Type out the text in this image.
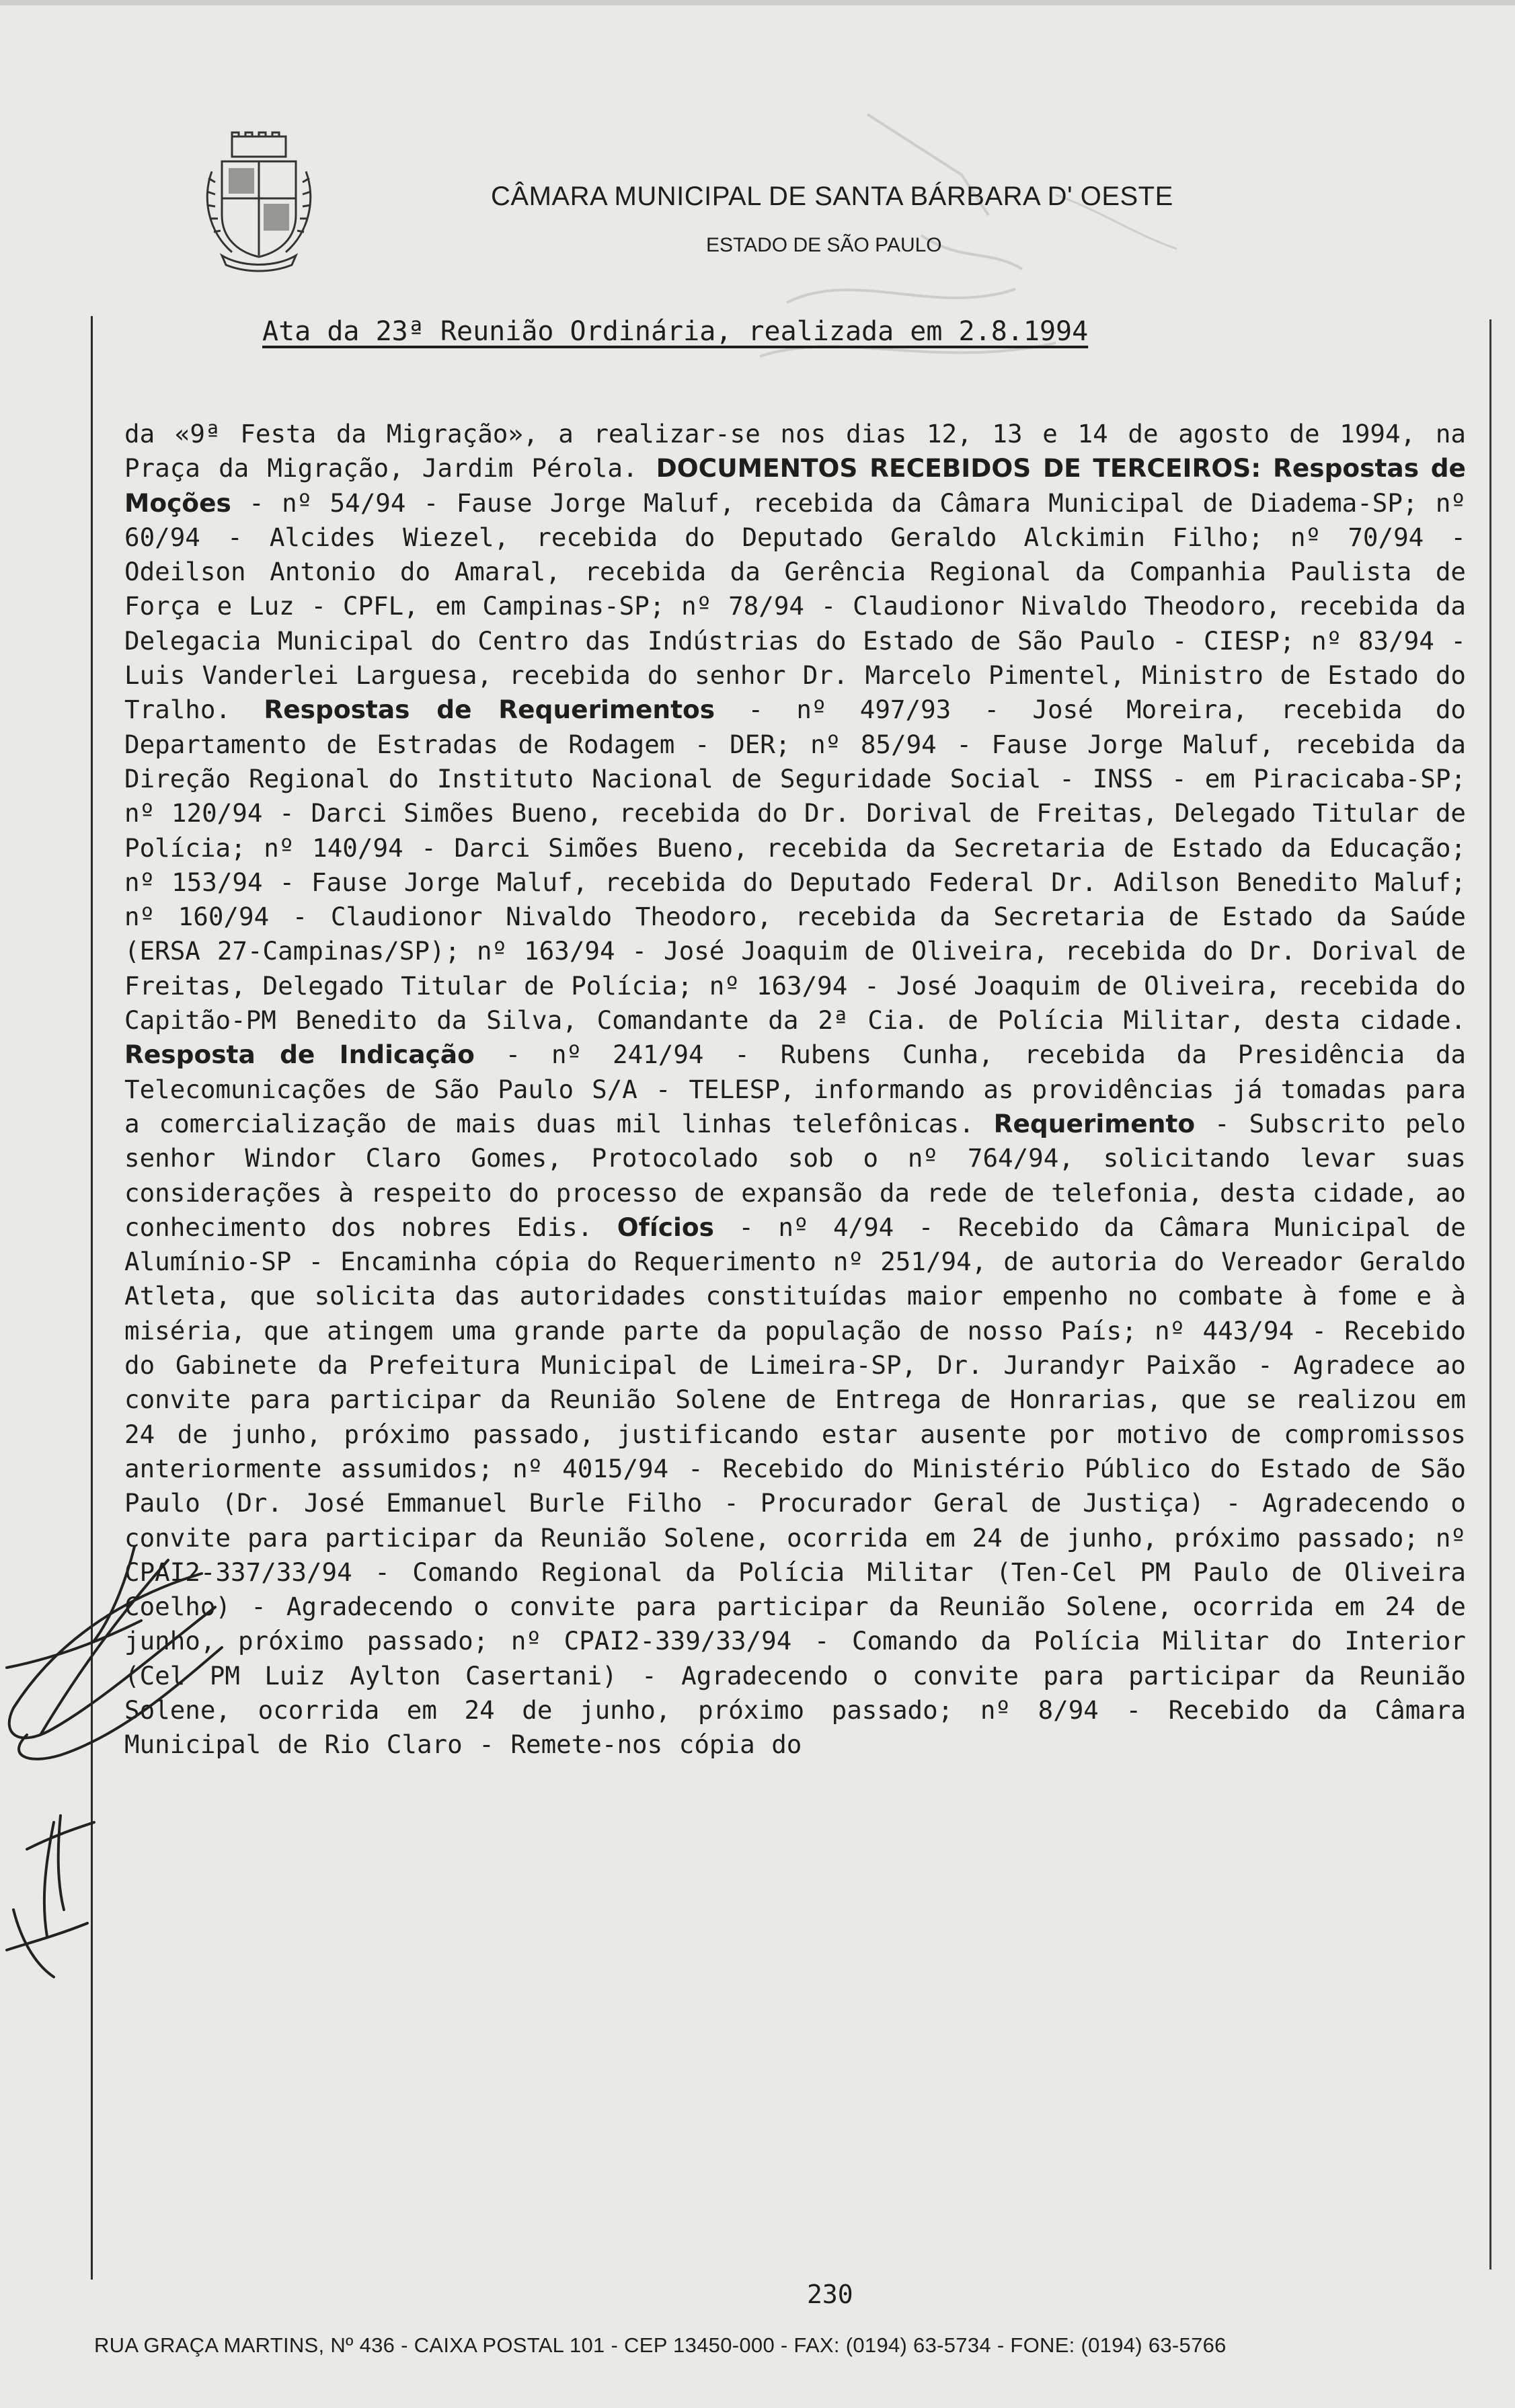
CÂMARA MUNICIPAL DE SANTA BÁRBARA D' OESTE
ESTADO DE SÃO PAULO
Ata da 23ª Reunião Ordinária, realizada em 2.8.1994
da «9ª Festa da Migração», a realizar-se nos dias 12, 13 e 14 de agosto de 1994, na Praça da Migração, Jardim Pérola. DOCUMENTOS RECEBIDOS DE TERCEIROS: Respostas de Moções - nº 54/94 - Fause Jorge Maluf, recebida da Câmara Municipal de Diadema-SP; nº 60/94 - Alcides Wiezel, recebida do Deputado Geraldo Alckimin Filho; nº 70/94 - Odeilson Antonio do Amaral, recebida da Gerência Regional da Companhia Paulista de Força e Luz - CPFL, em Campinas-SP; nº 78/94 - Claudionor Nivaldo Theodoro, recebida da Delegacia Municipal do Centro das Indústrias do Estado de São Paulo - CIESP; nº 83/94 - Luis Vanderlei Larguesa, recebida do senhor Dr. Marcelo Pimentel, Ministro de Estado do Tralho. Respostas de Requerimentos - nº 497/93 - José Moreira, recebida do Departamento de Estradas de Rodagem - DER; nº 85/94 - Fause Jorge Maluf, recebida da Direção Regional do Instituto Nacional de Seguridade Social - INSS - em Piracicaba-SP; nº 120/94 - Darci Simões Bueno, recebida do Dr. Dorival de Freitas, Delegado Titular de Polícia; nº 140/94 - Darci Simões Bueno, recebida da Secretaria de Estado da Educação; nº 153/94 - Fause Jorge Maluf, recebida do Deputado Federal Dr. Adilson Benedito Maluf; nº 160/94 - Claudionor Nivaldo Theodoro, recebida da Secretaria de Estado da Saúde (ERSA 27-Campinas/SP); nº 163/94 - José Joaquim de Oliveira, recebida do Dr. Dorival de Freitas, Delegado Titular de Polícia; nº 163/94 - José Joaquim de Oliveira, recebida do Capitão-PM Benedito da Silva, Comandante da 2ª Cia. de Polícia Militar, desta cidade. Resposta de Indicação - nº 241/94 - Rubens Cunha, recebida da Presidência da Telecomunicações de São Paulo S/A - TELESP, informando as providências já tomadas para a comercialização de mais duas mil linhas telefônicas. Requerimento - Subscrito pelo senhor Windor Claro Gomes, Protocolado sob o nº 764/94, solicitando levar suas considerações à respeito do processo de expansão da rede de telefonia, desta cidade, ao conhecimento dos nobres Edis. Ofícios - nº 4/94 - Recebido da Câmara Municipal de Alumínio-SP - Encaminha cópia do Requerimento nº 251/94, de autoria do Vereador Geraldo Atleta, que solicita das autoridades constituídas maior empenho no combate à fome e à miséria, que atingem uma grande parte da população de nosso País; nº 443/94 - Recebido do Gabinete da Prefeitura Municipal de Limeira-SP, Dr. Jurandyr Paixão - Agradece ao convite para participar da Reunião Solene de Entrega de Honrarias, que se realizou em 24 de junho, próximo passado, justificando estar ausente por motivo de compromissos anteriormente assumidos; nº 4015/94 - Recebido do Ministério Público do Estado de São Paulo (Dr. José Emmanuel Burle Filho - Procurador Geral de Justiça) - Agradecendo o convite para participar da Reunião Solene, ocorrida em 24 de junho, próximo passado; nº CPAI2-337/33/94 - Comando Regional da Polícia Militar (Ten-Cel PM Paulo de Oliveira Coelho) - Agradecendo o convite para participar da Reunião Solene, ocorrida em 24 de junho, próximo passado; nº CPAI2-339/33/94 - Comando da Polícia Militar do Interior (Cel PM Luiz Aylton Casertani) - Agradecendo o convite para participar da Reunião Solene, ocorrida em 24 de junho, próximo passado; nº 8/94 - Recebido da Câmara Municipal de Rio Claro - Remete-nos cópia do
230
RUA GRAÇA MARTINS, Nº 436 - CAIXA POSTAL 101 - CEP 13450-000 - FAX: (0194) 63-5734 - FONE: (0194) 63-5766
